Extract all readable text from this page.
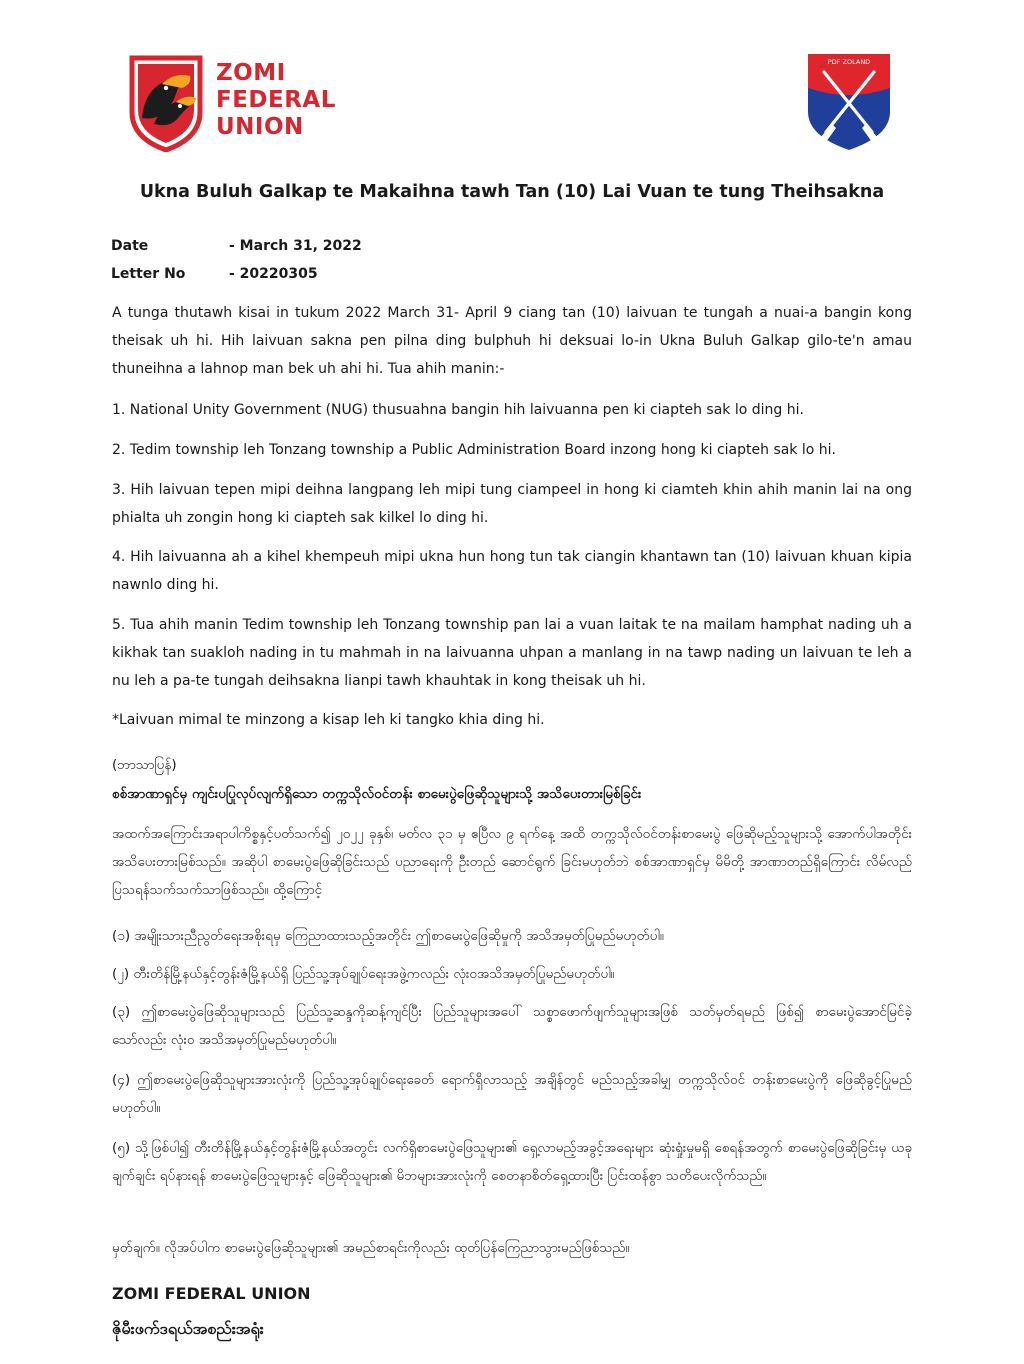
ZOMI
FEDERAL
UNION
PDF ZOLAND
Ukna Buluh Galkap te Makaihna tawh Tan (10) Lai Vuan te tung Theihsakna
Date	- March 31, 2022
Letter No	- 20220305
A tunga thutawh kisai in tukum 2022 March 31- April 9 ciang tan (10) laivuan te tungah a nuai-a bangin kong theisak uh hi. Hih laivuan sakna pen pilna ding bulphuh hi deksuai lo-in Ukna Buluh Galkap gilo-te'n amau thuneihna a lahnop man bek uh ahi hi. Tua ahih manin:-
1. National Unity Government (NUG) thusuahna bangin hih laivuanna pen ki ciapteh sak lo ding hi.
2. Tedim township leh Tonzang township a Public Administration Board inzong hong ki ciapteh sak lo hi.
3. Hih laivuan tepen mipi deihna langpang leh mipi tung ciampeel in hong ki ciamteh khin ahih manin lai na ong phialta uh zongin hong ki ciapteh sak kilkel lo ding hi.
4. Hih laivuanna ah a kihel khempeuh mipi ukna hun hong tun tak ciangin khantawn tan (10) laivuan khuan kipia nawnlo ding hi.
5. Tua ahih manin Tedim township leh Tonzang township pan lai a vuan laitak te na mailam hamphat nading uh a kikhak tan suakloh nading in tu mahmah in na laivuanna uhpan a manlang in na tawp nading un laivuan te leh a nu leh a pa-te tungah deihsakna lianpi tawh khauhtak in kong theisak uh hi.
*Laivuan mimal te minzong a kisap leh ki tangko khia ding hi.
(ဘာသာပြန်)
စစ်အာဏာရှင်မှ ကျင်းပပြုလုပ်လျက်ရှိသော တက္ကသိုလ်ဝင်တန်း စာမေးပွဲဖြေဆိုသူများသို့ အသိပေးတားမြစ်ခြင်း
အထက်အကြောင်းအရာပါကိစ္စနှင့်ပတ်သက်၍ ၂၀၂၂ ခုနှစ်၊ မတ်လ ၃၁ မှ ဧပြီလ ၉ ရက်နေ့ အထိ တက္ကသိုလ်ဝင်တန်းစာမေးပွဲ ဖြေဆိုမည့်သူများသို့ အောက်ပါအတိုင်း အသိပေးတားမြစ်သည်။ အဆိုပါ စာမေးပွဲဖြေဆိုခြင်းသည် ပညာရေးကို ဦးတည် ဆောင်ရွက် ခြင်းမဟုတ်ဘဲ စစ်အာဏာရှင်မှ မိမိတို့ အာဏာတည်ရှိကြောင်း လိမ်လည်ပြသရန်သက်သက်သာဖြစ်သည်။ ထို့ကြောင့်
(၁) အမျိုးသားညီညွတ်ရေးအစိုးရမှ ကြေညာထားသည့်အတိုင်း ဤစာမေးပွဲဖြေဆိုမှုကို အသိအမှတ်ပြုမည်မဟုတ်ပါ။
(၂) တီးတိန်မြို့နယ်နှင့်တွန်းဇံမြို့နယ်ရှိ ပြည်သူ့အုပ်ချုပ်ရေးအဖွဲ့ကလည်း လုံးဝအသိအမှတ်ပြုမည်မဟုတ်ပါ။
(၃) ဤစာမေးပွဲဖြေဆိုသူများသည် ပြည်သူ့ဆန္ဒကိုဆန့်ကျင်ပြီး ပြည်သူများအပေါ် သစ္စာဖောက်ဖျက်သူများအဖြစ် သတ်မှတ်ရမည် ဖြစ်၍ စာမေးပွဲအောင်မြင်ခဲ့သော်လည်း လုံးဝ အသိအမှတ်ပြုမည်မဟုတ်ပါ။
(၄) ဤစာမေးပွဲဖြေဆိုသူများအားလုံးကို ပြည်သူ့အုပ်ချုပ်ရေးခေတ် ရောက်ရှိလာသည့် အချိန်တွင် မည်သည့်အခါမျှ တက္ကသိုလ်ဝင် တန်းစာမေးပွဲကို ဖြေဆိုခွင့်ပြုမည်မဟုတ်ပါ။
(၅) သို့ဖြစ်ပါ၍ တီးတိန်မြို့နယ်နှင့်တွန်းဇံမြို့နယ်အတွင်း လက်ရှိစာမေးပွဲဖြေသူများ၏ ရှေ့လာမည့်အခွင့်အရေးများ ဆုံးရှုံးမှုမရှိ စေရန်အတွက် စာမေးပွဲဖြေဆိုခြင်းမှ ယခုချက်ချင်း ရပ်နားရန် စာမေးပွဲဖြေသူများနှင့် ဖြေဆိုသူများ၏ မိဘများအားလုံးကို စေတနာစိတ်ရှေ့ထားပြီး ပြင်းထန်စွာ သတိပေးလိုက်သည်။
မှတ်ချက်။ လိုအပ်ပါက စာမေးပွဲဖြေဆိုသူများ၏ အမည်စာရင်းကိုလည်း ထုတ်ပြန်ကြေညာသွားမည်ဖြစ်သည်။
ZOMI FEDERAL UNION
ဇိုမီးဖက်ဒရယ်အစည်းအရုံး
